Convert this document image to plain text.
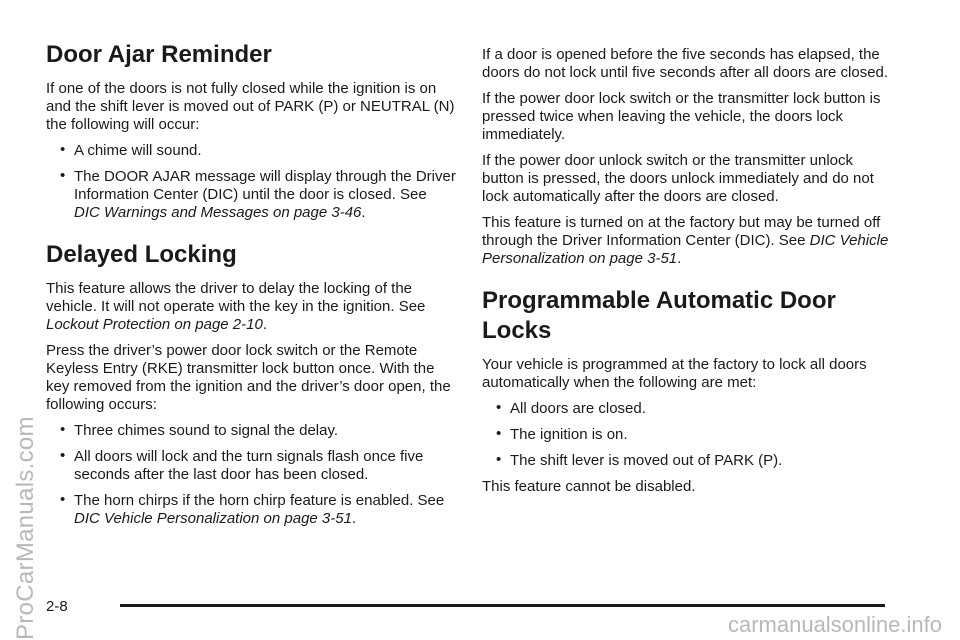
ProCarManuals.com
Door Ajar Reminder

If one of the doors is not fully closed while the ignition is on and the shift lever is moved out of PARK (P) or NEUTRAL (N) the following will occur:

• A chime will sound.
• The DOOR AJAR message will display through the Driver Information Center (DIC) until the door is closed. See DIC Warnings and Messages on page 3-46.
Delayed Locking

This feature allows the driver to delay the locking of the vehicle. It will not operate with the key in the ignition. See Lockout Protection on page 2-10.

Press the driver’s power door lock switch or the Remote Keyless Entry (RKE) transmitter lock button once. With the key removed from the ignition and the driver’s door open, the following occurs:

• Three chimes sound to signal the delay.
• All doors will lock and the turn signals flash once five seconds after the last door has been closed.
• The horn chirps if the horn chirp feature is enabled. See DIC Vehicle Personalization on page 3-51.

If a door is opened before the five seconds has elapsed, the doors do not lock until five seconds after all doors are closed.

If the power door lock switch or the transmitter lock button is pressed twice when leaving the vehicle, the doors lock immediately.

If the power door unlock switch or the transmitter unlock button is pressed, the doors unlock immediately and do not lock automatically after the doors are closed.

This feature is turned on at the factory but may be turned off through the Driver Information Center (DIC). See DIC Vehicle Personalization on page 3-51.

Programmable Automatic Door Locks

Your vehicle is programmed at the factory to lock all doors automatically when the following are met:

• All doors are closed.
• The ignition is on.
• The shift lever is moved out of PARK (P).

This feature cannot be disabled.

2-8
carmanualsonline.info
